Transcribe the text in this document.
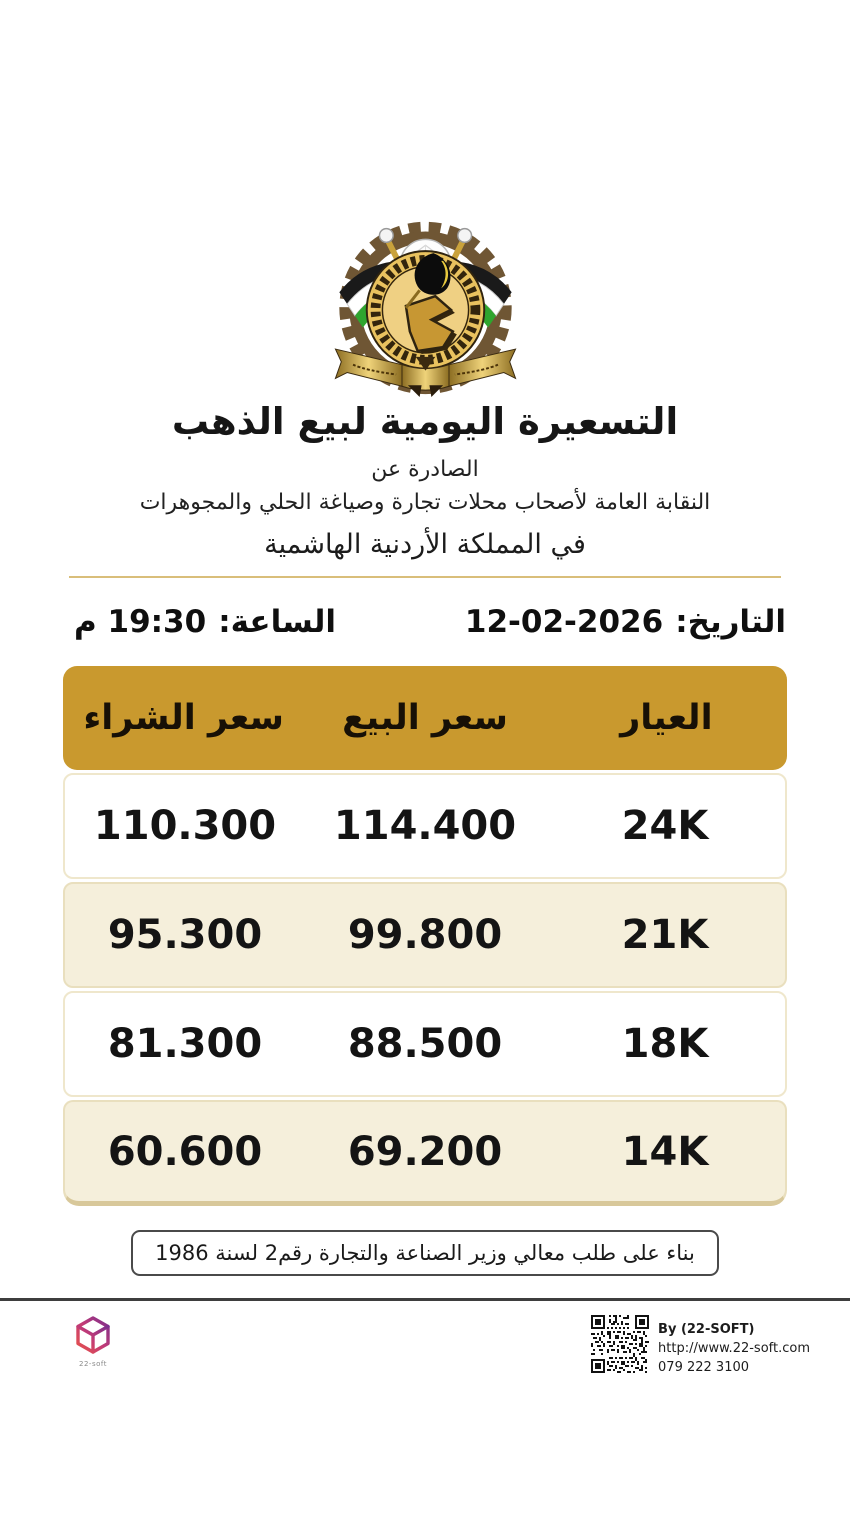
التسعيرة اليومية لبيع الذهب

الصادرة عن

النقابة العامة لأصحاب محلات تجارة وصياغة الحلي والمجوهرات

في المملكة الأردنية الهاشمية

التاريخ:
12-02-2026
الساعة:
19:30 م
العيار
سعر البيع
سعر الشراء
24K
114.400
110.300
21K
99.800
95.300
18K
88.500
81.300
14K
69.200
60.600
بناء على طلب معالي وزير الصناعة والتجارة رقم2 لسنة 1986
22-soft
By (22-SOFT)
http://www.22-soft.com
079 222 3100
